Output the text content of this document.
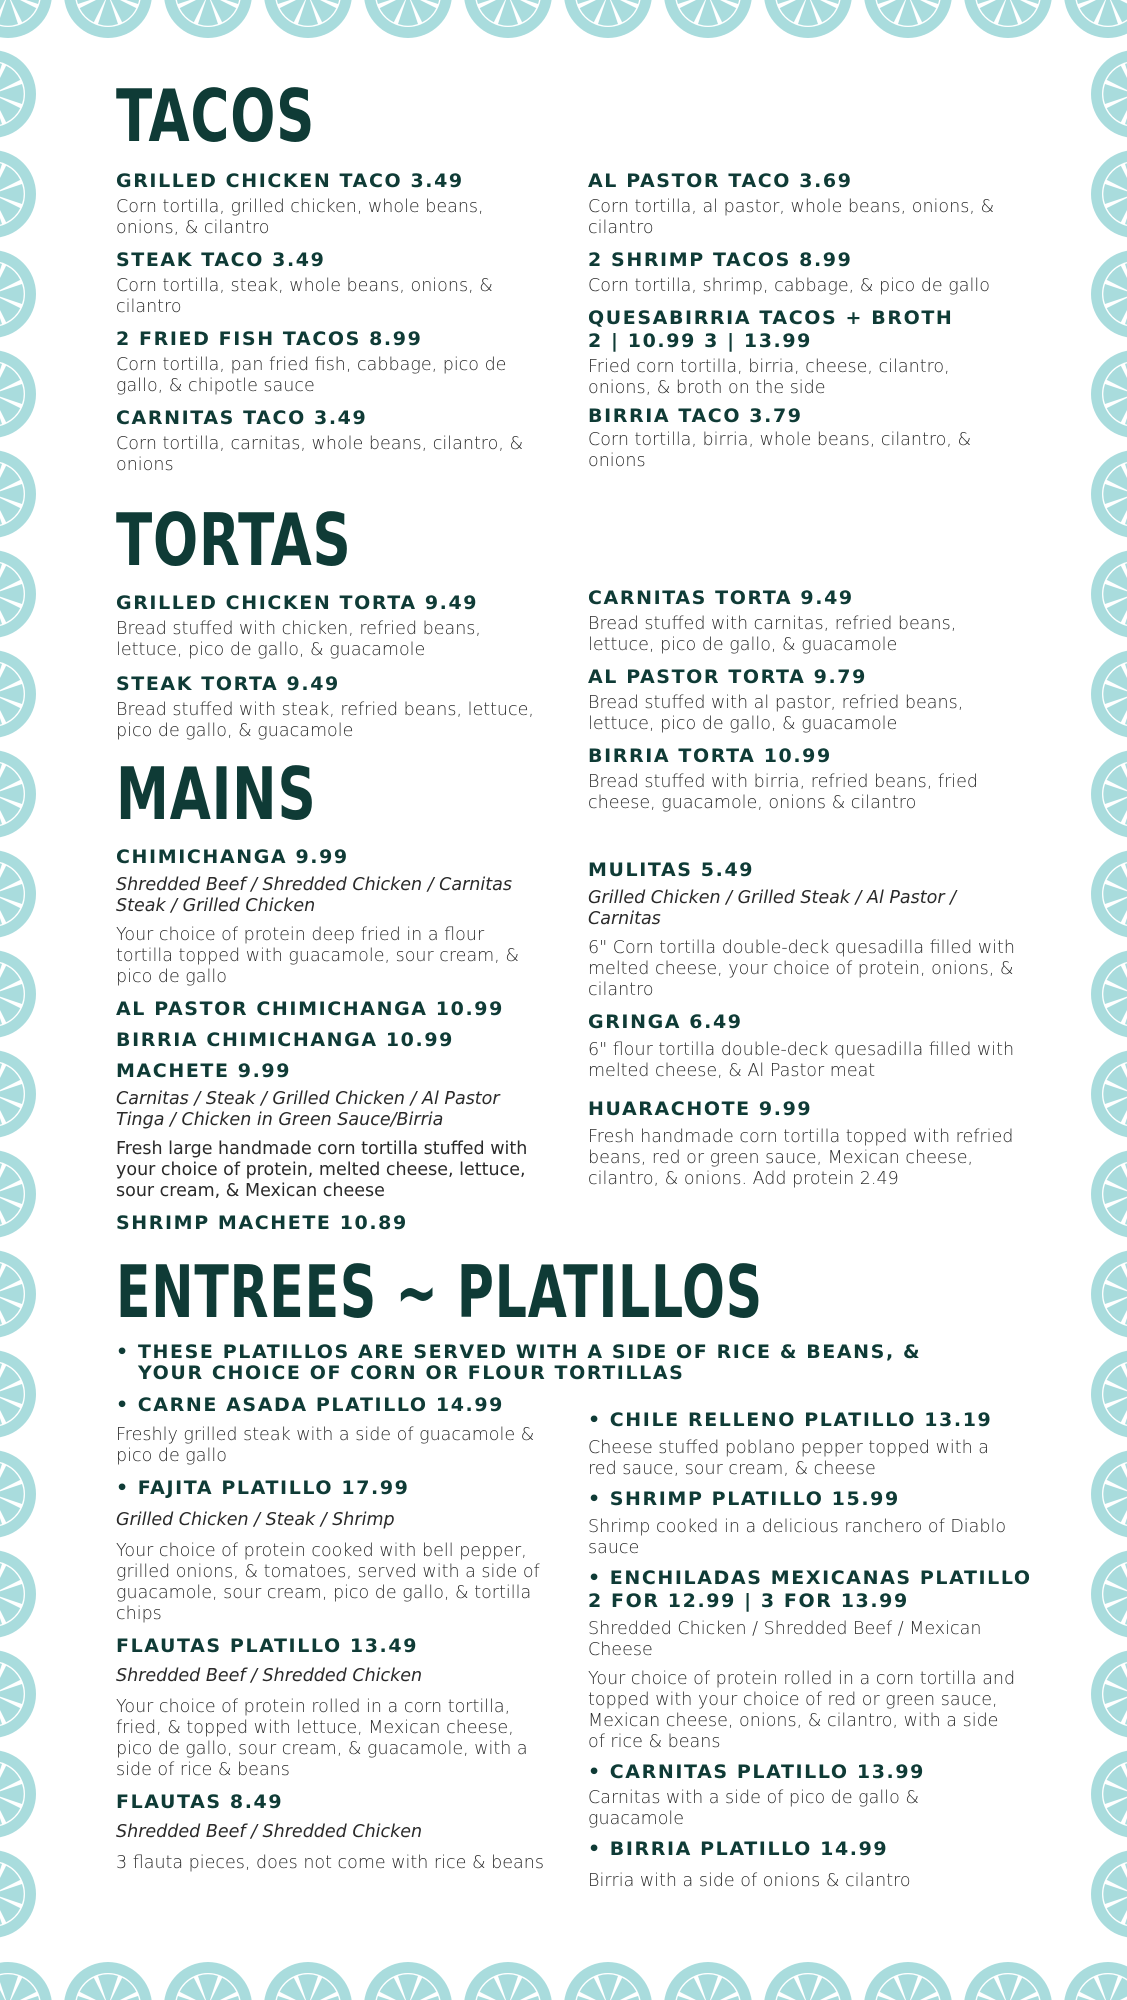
TACOS

GRILLED CHICKEN TACO 3.49

Corn tortilla, grilled chicken, whole beans, onions, & cilantro

STEAK TACO 3.49

Corn tortilla, steak, whole beans, onions, & cilantro

2 FRIED FISH TACOS 8.99

Corn tortilla, pan fried fish, cabbage, pico de gallo, & chipotle sauce

CARNITAS TACO 3.49

Corn tortilla, carnitas, whole beans, cilantro, & onions

AL PASTOR TACO 3.69

Corn tortilla, al pastor, whole beans, onions, & cilantro

2 SHRIMP TACOS 8.99

Corn tortilla, shrimp, cabbage, & pico de gallo

QUESABIRRIA TACOS + BROTH

2 | 10.99 3 | 13.99

Fried corn tortilla, birria, cheese, cilantro, onions, & broth on the side

BIRRIA TACO 3.79

Corn tortilla, birria, whole beans, cilantro, & onions

TORTAS

GRILLED CHICKEN TORTA 9.49

Bread stuffed with chicken, refried beans, lettuce, pico de gallo, & guacamole

STEAK TORTA 9.49

Bread stuffed with steak, refried beans, lettuce, pico de gallo, & guacamole

CARNITAS TORTA 9.49

Bread stuffed with carnitas, refried beans, lettuce, pico de gallo, & guacamole

AL PASTOR TORTA 9.79

Bread stuffed with al pastor, refried beans, lettuce, pico de gallo, & guacamole

BIRRIA TORTA 10.99

Bread stuffed with birria, refried beans, fried cheese, guacamole, onions & cilantro

MAINS

CHIMICHANGA 9.99

Shredded Beef / Shredded Chicken / Carnitas Steak / Grilled Chicken

Your choice of protein deep fried in a flour tortilla topped with guacamole, sour cream, & pico de gallo

AL PASTOR CHIMICHANGA 10.99

BIRRIA CHIMICHANGA 10.99

MACHETE 9.99

Carnitas / Steak / Grilled Chicken / Al Pastor Tinga / Chicken in Green Sauce/Birria

Fresh large handmade corn tortilla stuffed with your choice of protein, melted cheese, lettuce, sour cream, & Mexican cheese

SHRIMP MACHETE 10.89

MULITAS 5.49

Grilled Chicken / Grilled Steak / Al Pastor / Carnitas

6" Corn tortilla double-deck quesadilla filled with melted cheese, your choice of protein, onions, & cilantro

GRINGA 6.49

6" flour tortilla double-deck quesadilla filled with melted cheese, & Al Pastor meat

HUARACHOTE 9.99

Fresh handmade corn tortilla topped with refried beans, red or green sauce, Mexican cheese, cilantro, & onions. Add protein 2.49

ENTREES ~ PLATILLOS

• THESE PLATILLOS ARE SERVED WITH A SIDE OF RICE & BEANS, & YOUR CHOICE OF CORN OR FLOUR TORTILLAS

• CARNE ASADA PLATILLO 14.99

Freshly grilled steak with a side of guacamole & pico de gallo

• FAJITA PLATILLO 17.99

Grilled Chicken / Steak / Shrimp

Your choice of protein cooked with bell pepper, grilled onions, & tomatoes, served with a side of guacamole, sour cream, pico de gallo, & tortilla chips

FLAUTAS PLATILLO 13.49

Shredded Beef / Shredded Chicken

Your choice of protein rolled in a corn tortilla, fried, & topped with lettuce, Mexican cheese, pico de gallo, sour cream, & guacamole, with a side of rice & beans

FLAUTAS 8.49

Shredded Beef / Shredded Chicken

3 flauta pieces, does not come with rice & beans

• CHILE RELLENO PLATILLO 13.19

Cheese stuffed poblano pepper topped with a red sauce, sour cream, & cheese

• SHRIMP PLATILLO 15.99

Shrimp cooked in a delicious ranchero of Diablo sauce

• ENCHILADAS MEXICANAS PLATILLO

2 FOR 12.99 | 3 FOR 13.99

Shredded Chicken / Shredded Beef / Mexican Cheese

Your choice of protein rolled in a corn tortilla and topped with your choice of red or green sauce, Mexican cheese, onions, & cilantro, with a side of rice & beans

• CARNITAS PLATILLO 13.99

Carnitas with a side of pico de gallo & guacamole

• BIRRIA PLATILLO 14.99

Birria with a side of onions & cilantro
